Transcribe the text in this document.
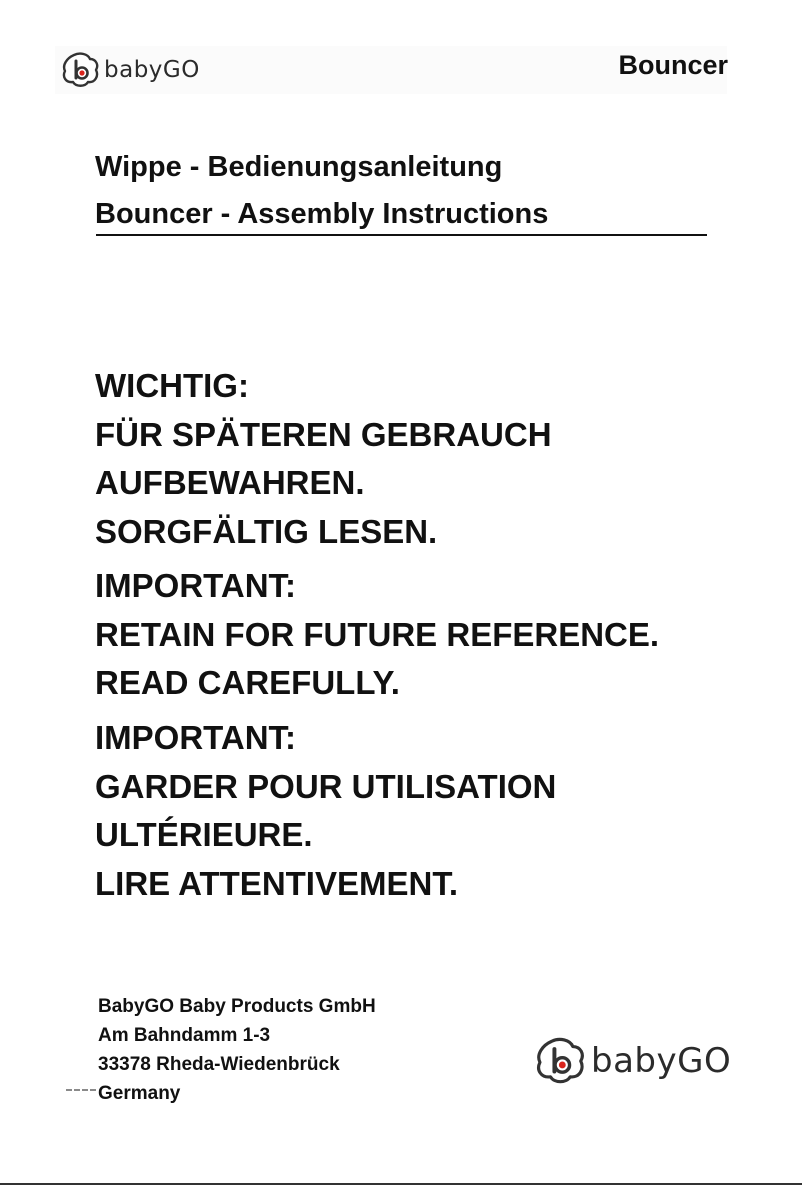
babyGO	Bouncer
Wippe - Bedienungsanleitung
Bouncer - Assembly Instructions
WICHTIG:
FÜR SPÄTEREN GEBRAUCH
AUFBEWAHREN.
SORGFÄLTIG LESEN.
IMPORTANT:
RETAIN FOR FUTURE REFERENCE.
READ CAREFULLY.
IMPORTANT:
GARDER POUR UTILISATION
ULTÉRIEURE.
LIRE ATTENTIVEMENT.
BabyGO Baby Products GmbH
Am Bahndamm 1-3
33378 Rheda-Wiedenbrück
Germany
babyGO
